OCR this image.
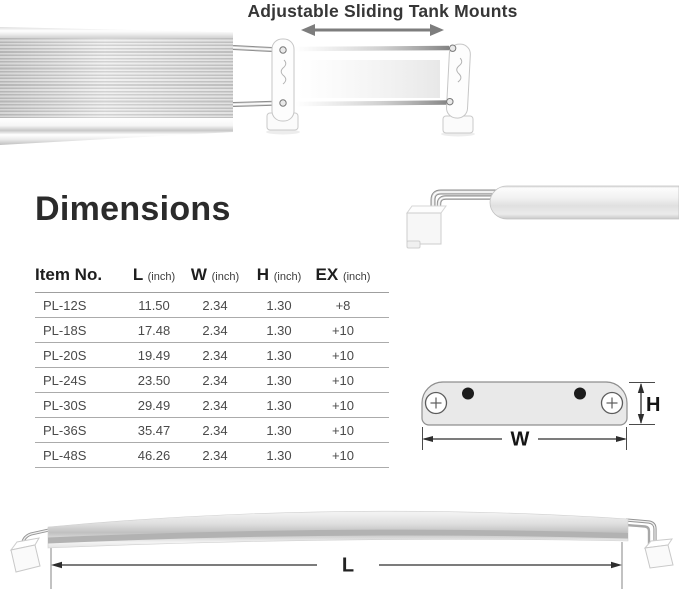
Adjustable Sliding Tank Mounts
Dimensions
Item No.	L (inch)	W (inch)	H (inch)	EX (inch)
PL-12S	11.50	2.34	1.30	+8
PL-18S	17.48	2.34	1.30	+10
PL-20S	19.49	2.34	1.30	+10
PL-24S	23.50	2.34	1.30	+10
PL-30S	29.49	2.34	1.30	+10
PL-36S	35.47	2.34	1.30	+10
PL-48S	46.26	2.34	1.30	+10
W
H
L
